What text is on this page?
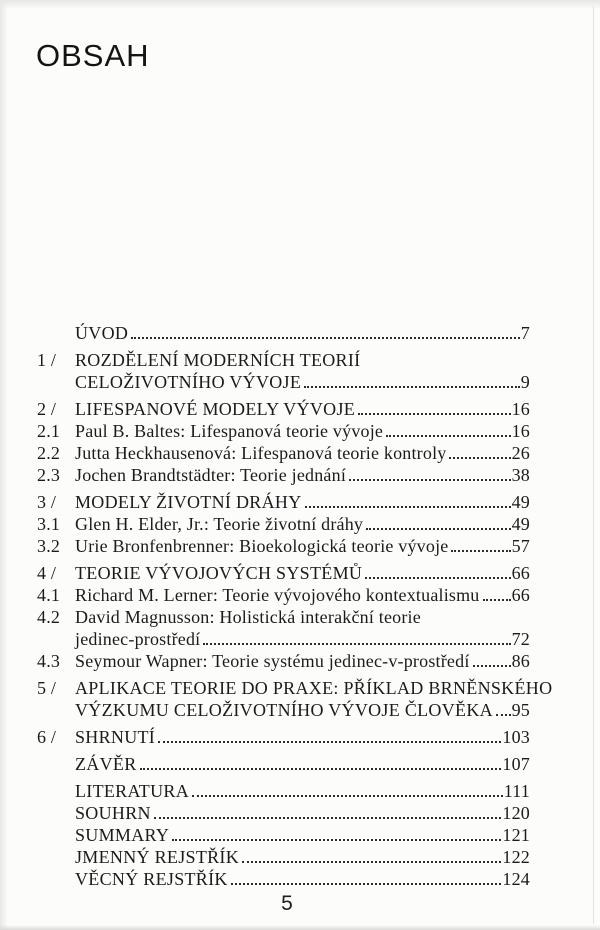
OBSAH
ÚVOD	7
1 /	ROZDĚLENÍ MODERNÍCH TEORIÍ
CELOŽIVOTNÍHO VÝVOJE	9
2 /	LIFESPANOVÉ MODELY VÝVOJE	16
2.1 Paul B. Baltes: Lifespanová teorie vývoje	16
2.2 Jutta Heckhausenová: Lifespanová teorie kontroly	26
2.3 Jochen Brandtstädter: Teorie jednání	38
3 /	MODELY ŽIVOTNÍ DRÁHY	49
3.1 Glen H. Elder, Jr.: Teorie životní dráhy	49
3.2 Urie Bronfenbrenner: Bioekologická teorie vývoje	57
4 /	TEORIE VÝVOJOVÝCH SYSTÉMŮ	66
4.1 Richard M. Lerner: Teorie vývojového kontextualismu 66
4.2 David Magnusson: Holistická interakční teorie
jedinec-prostředí	72
4.3 Seymour Wapner: Teorie systému jedinec-v-prostředí 86
5 /	APLIKACE TEORIE DO PRAXE: PŘÍKLAD BRNĚNSKÉHO
VÝZKUMU CELOŽIVOTNÍHO VÝVOJE ČLOVĚKA 95
6 /	SHRNUTÍ	103
ZÁVĚR	107
LITERATURA	111
SOUHRN	120
SUMMARY	121
JMENNÝ REJSTŘÍK	122
VĚCNÝ REJSTŘÍK	124
5
